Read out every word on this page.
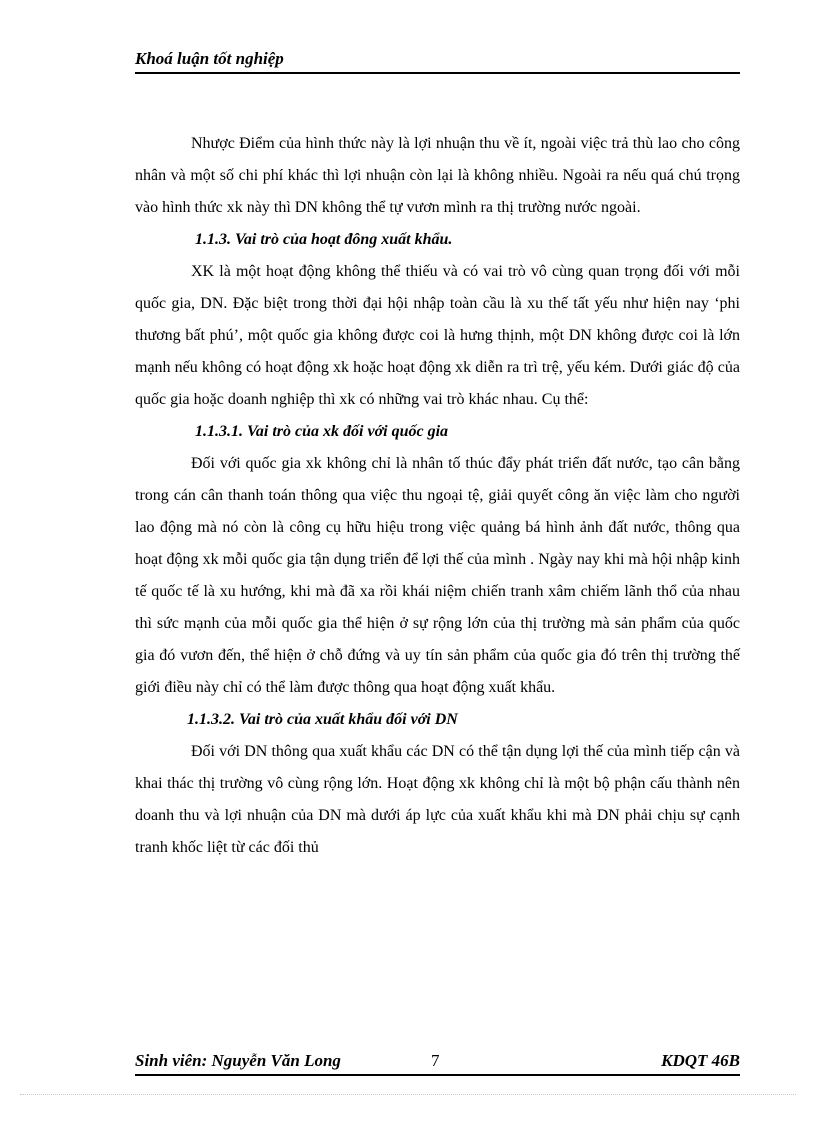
Khoá luận tốt nghiệp

Nhược Điểm của hình thức này là lợi nhuận thu về ít, ngoài việc trả thù lao cho công nhân và một số chi phí khác thì lợi nhuận còn lại là không nhiều. Ngoài ra nếu quá chú trọng vào hình thức xk này thì DN không thể tự vươn mình ra thị trường nước ngoài.

1.1.3. Vai trò của hoạt đông xuất khẩu.

XK là một hoạt động không thể thiếu và có vai trò vô cùng quan trọng đối với mỗi quốc gia, DN. Đặc biệt trong thời đại hội nhập toàn cầu là xu thế tất yếu như hiện nay ‘phi thương bất phú’, một quốc gia không được coi là hưng thịnh, một DN không được coi là lớn mạnh nếu không có hoạt động xk hoặc hoạt động xk diễn ra trì trệ, yếu kém. Dưới giác độ của quốc gia hoặc doanh nghiệp thì xk có những vai trò khác nhau. Cụ thể:

1.1.3.1. Vai trò của xk đối với quốc gia

Đối với quốc gia xk không chỉ là nhân tố thúc đẩy phát triển đất nước, tạo cân bằng trong cán cân thanh toán thông qua việc thu ngoại tệ, giải quyết công ăn việc làm cho người lao động mà nó còn là công cụ hữu hiệu trong việc quảng bá hình ảnh đất nước, thông qua hoạt động xk mỗi quốc gia tận dụng triển để lợi thế của mình . Ngày nay khi mà hội nhập kinh tế quốc tế là xu hướng, khi mà đã xa rồi khái niệm chiến tranh xâm chiếm lãnh thổ của nhau thì sức mạnh của mỗi quốc gia thể hiện ở sự rộng lớn của thị trường mà sản phẩm của quốc gia đó vươn đến, thể hiện ở chỗ đứng và uy tín sản phẩm của quốc gia đó trên thị trường thế giới điều này chỉ có thể làm được thông qua hoạt động xuất khẩu.

1.1.3.2. Vai trò của xuất khẩu đối với DN

Đối với DN thông qua xuất khẩu các DN có thể tận dụng lợi thế của mình tiếp cận và khai thác thị trường vô cùng rộng lớn. Hoạt động xk không chỉ là một bộ phận cấu thành nên doanh thu và lợi nhuận của DN mà dưới áp lực của xuất khẩu khi mà DN phải chịu sự cạnh tranh khốc liệt từ các đối thủ

Sinh viên: Nguyễn Văn Long	7	KDQT 46B
